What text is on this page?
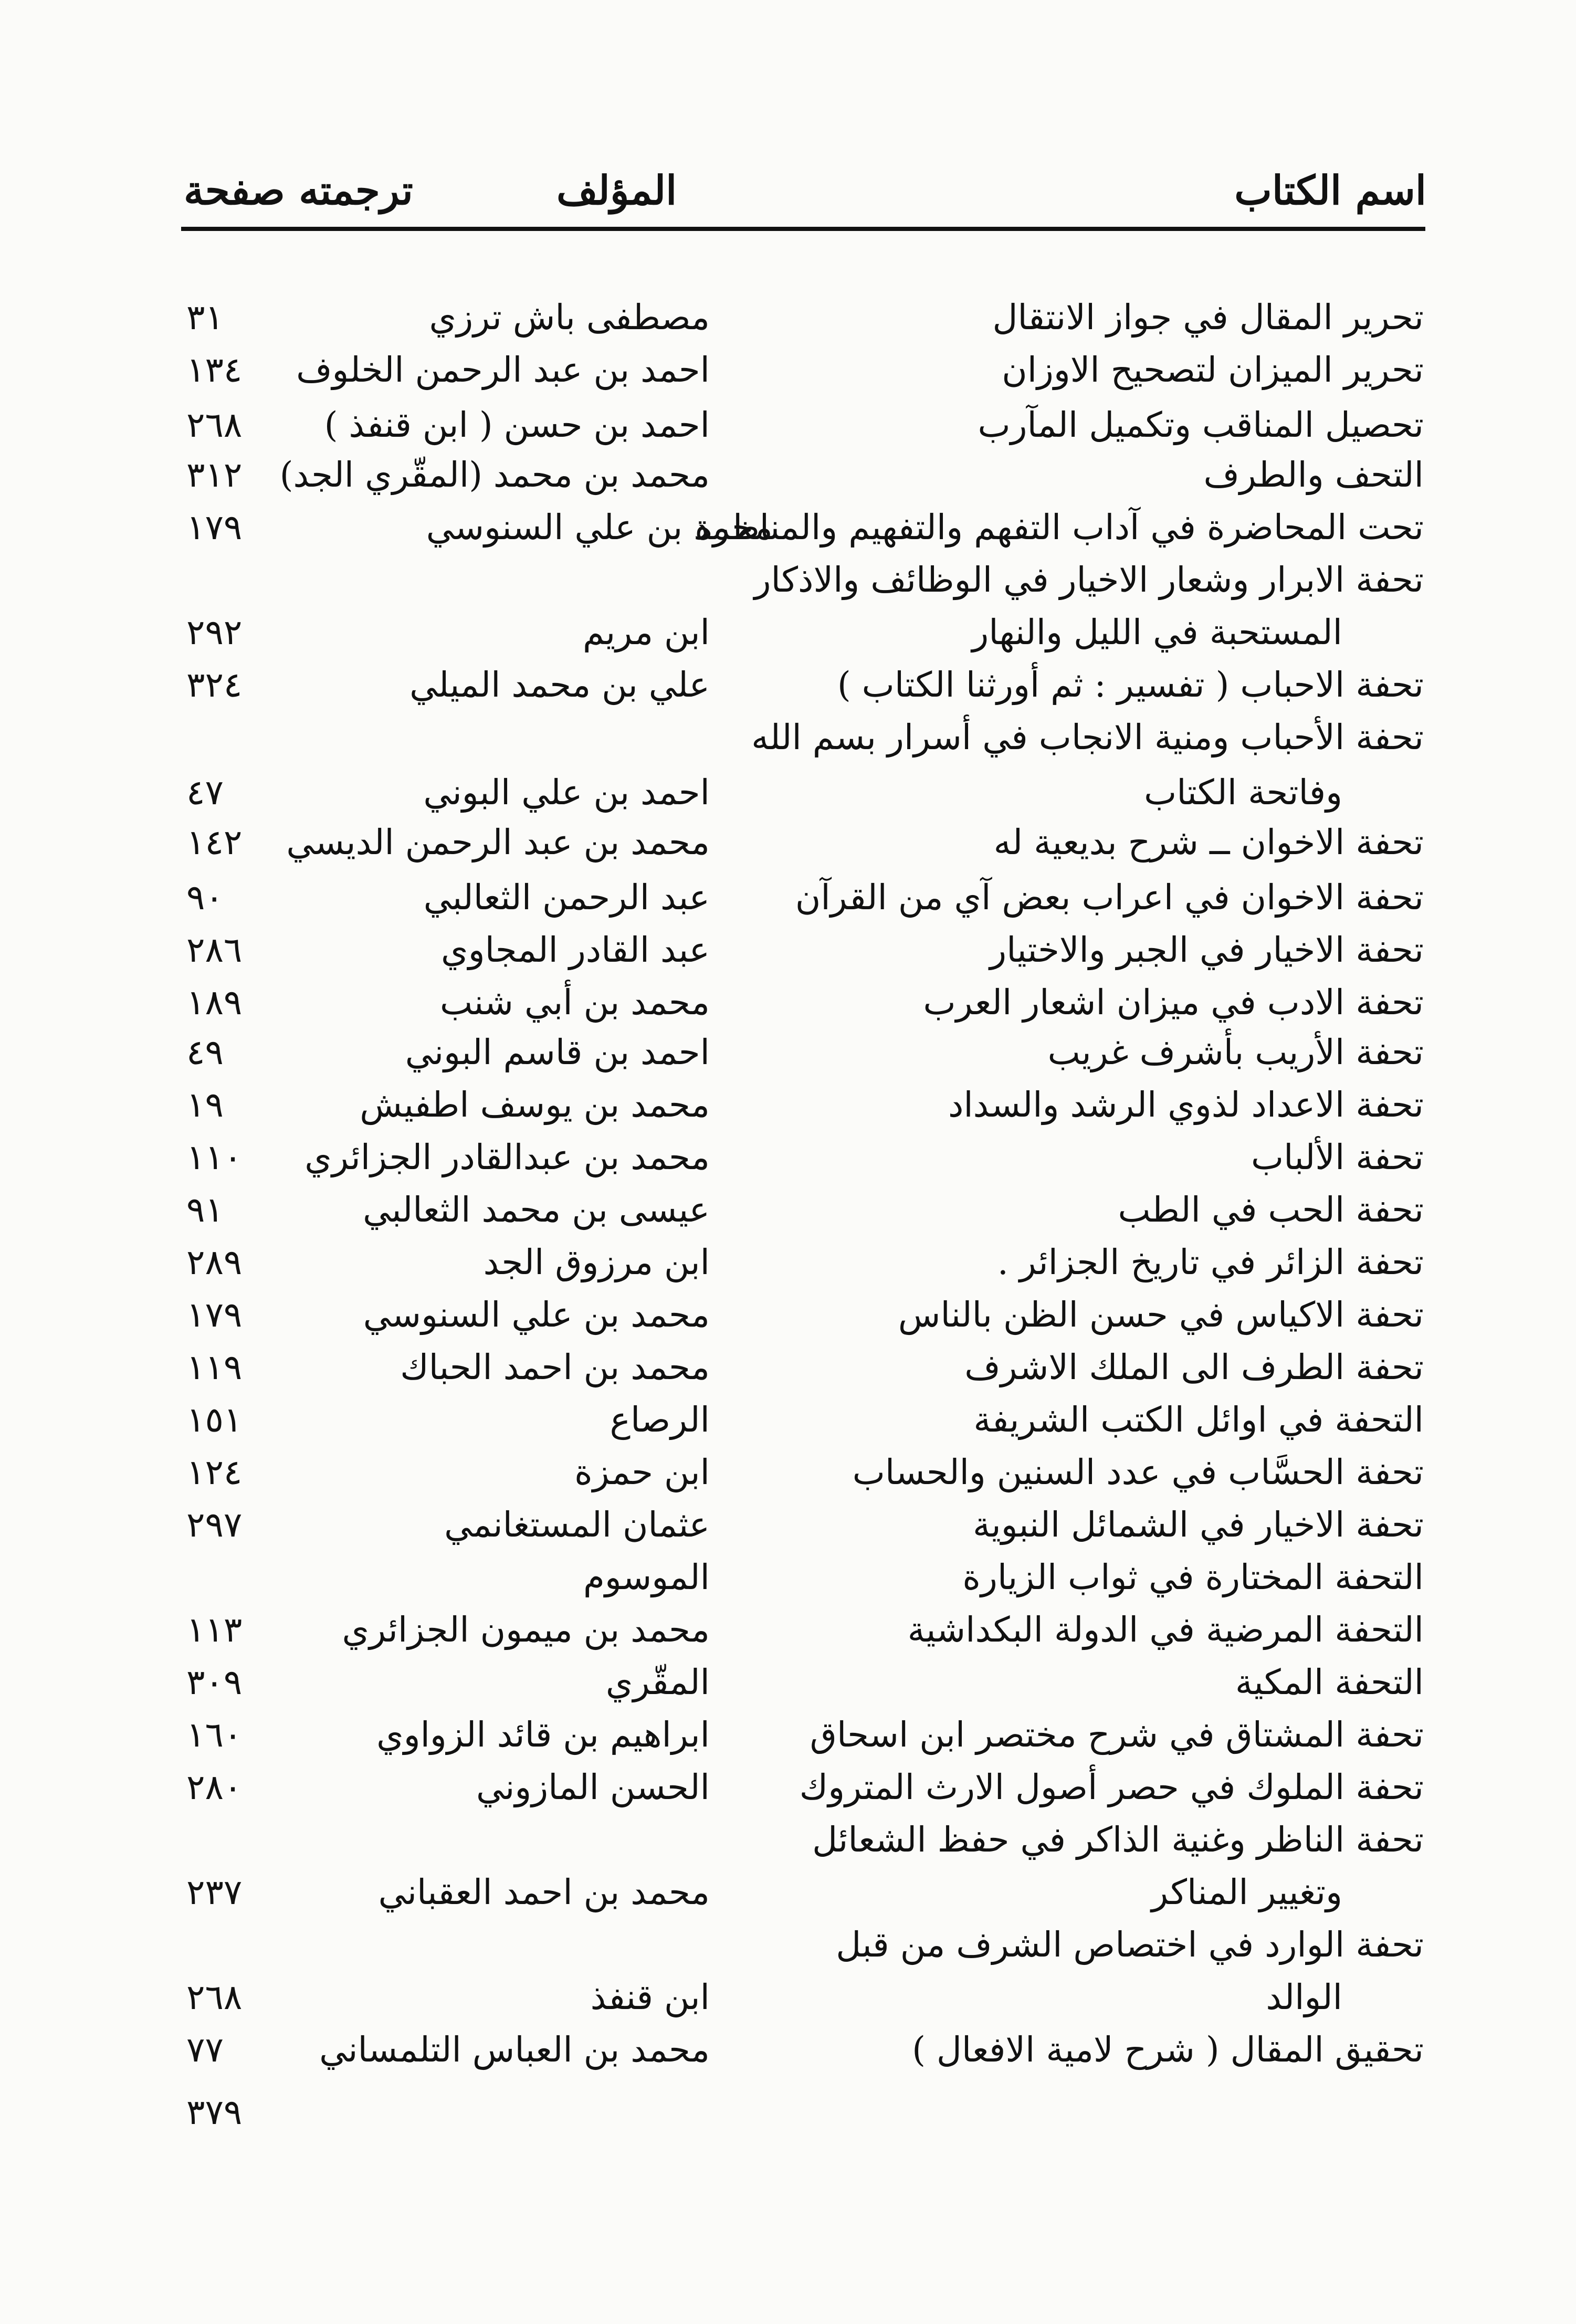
اسم الكتاب
المؤلف
ترجمته صفحة
تحرير المقال في جواز الانتقال
مصطفى باش ترزي
٣١
تحرير الميزان لتصحيح الاوزان
احمد بن عبد الرحمن الخلوف
١٣٤
تحصيل المناقب وتكميل المآرب
احمد بن حسن ( ابن قنفذ )
٢٦٨
التحف والطرف
محمد بن محمد (المقّري الجد)
٣١٢
تحت المحاضرة في آداب التفهم والتفهيم والمناظرة
محمد بن علي السنوسي
١٧٩
تحفة الابرار وشعار الاخيار في الوظائف والاذكار
المستحبة في الليل والنهار
ابن مريم
٢٩٢
تحفة الاحباب ( تفسير : ثم أورثنا الكتاب )
علي بن محمد الميلي
٣٢٤
تحفة الأحباب ومنية الانجاب في أسرار بسم الله
وفاتحة الكتاب
احمد بن علي البوني
٤٧
تحفة الاخوان ــ شرح بديعية له
محمد بن عبد الرحمن الديسي
١٤٢
تحفة الاخوان في اعراب بعض آي من القرآن
عبد الرحمن الثعالبي
٩٠
تحفة الاخيار في الجبر والاختيار
عبد القادر المجاوي
٢٨٦
تحفة الادب في ميزان اشعار العرب
محمد بن أبي شنب
١٨٩
تحفة الأريب بأشرف غريب
احمد بن قاسم البوني
٤٩
تحفة الاعداد لذوي الرشد والسداد
محمد بن يوسف اطفيش
١٩
تحفة الألباب
محمد بن عبدالقادر الجزائري
١١٠
تحفة الحب في الطب
عيسى بن محمد الثعالبي
٩١
تحفة الزائر في تاريخ الجزائر .
ابن مرزوق الجد
٢٨٩
تحفة الاكياس في حسن الظن بالناس
محمد بن علي السنوسي
١٧٩
تحفة الطرف الى الملك الاشرف
محمد بن احمد الحباك
١١٩
التحفة في اوائل الكتب الشريفة
الرصاع
١٥١
تحفة الحسَّاب في عدد السنين والحساب
ابن حمزة
١٢٤
تحفة الاخيار في الشمائل النبوية
عثمان المستغانمي
٢٩٧
التحفة المختارة في ثواب الزيارة
الموسوم
التحفة المرضية في الدولة البكداشية
محمد بن ميمون الجزائري
١١٣
التحفة المكية
المقّري
٣٠٩
تحفة المشتاق في شرح مختصر ابن اسحاق
ابراهيم بن قائد الزواوي
١٦٠
تحفة الملوك في حصر أصول الارث المتروك
الحسن المازوني
٢٨٠
تحفة الناظر وغنية الذاكر في حفظ الشعائل
وتغيير المناكر
محمد بن احمد العقباني
٢٣٧
تحفة الوارد في اختصاص الشرف من قبل
الوالد
ابن قنفذ
٢٦٨
تحقيق المقال ( شرح لامية الافعال )
محمد بن العباس التلمساني
٧٧
٣٧٩
